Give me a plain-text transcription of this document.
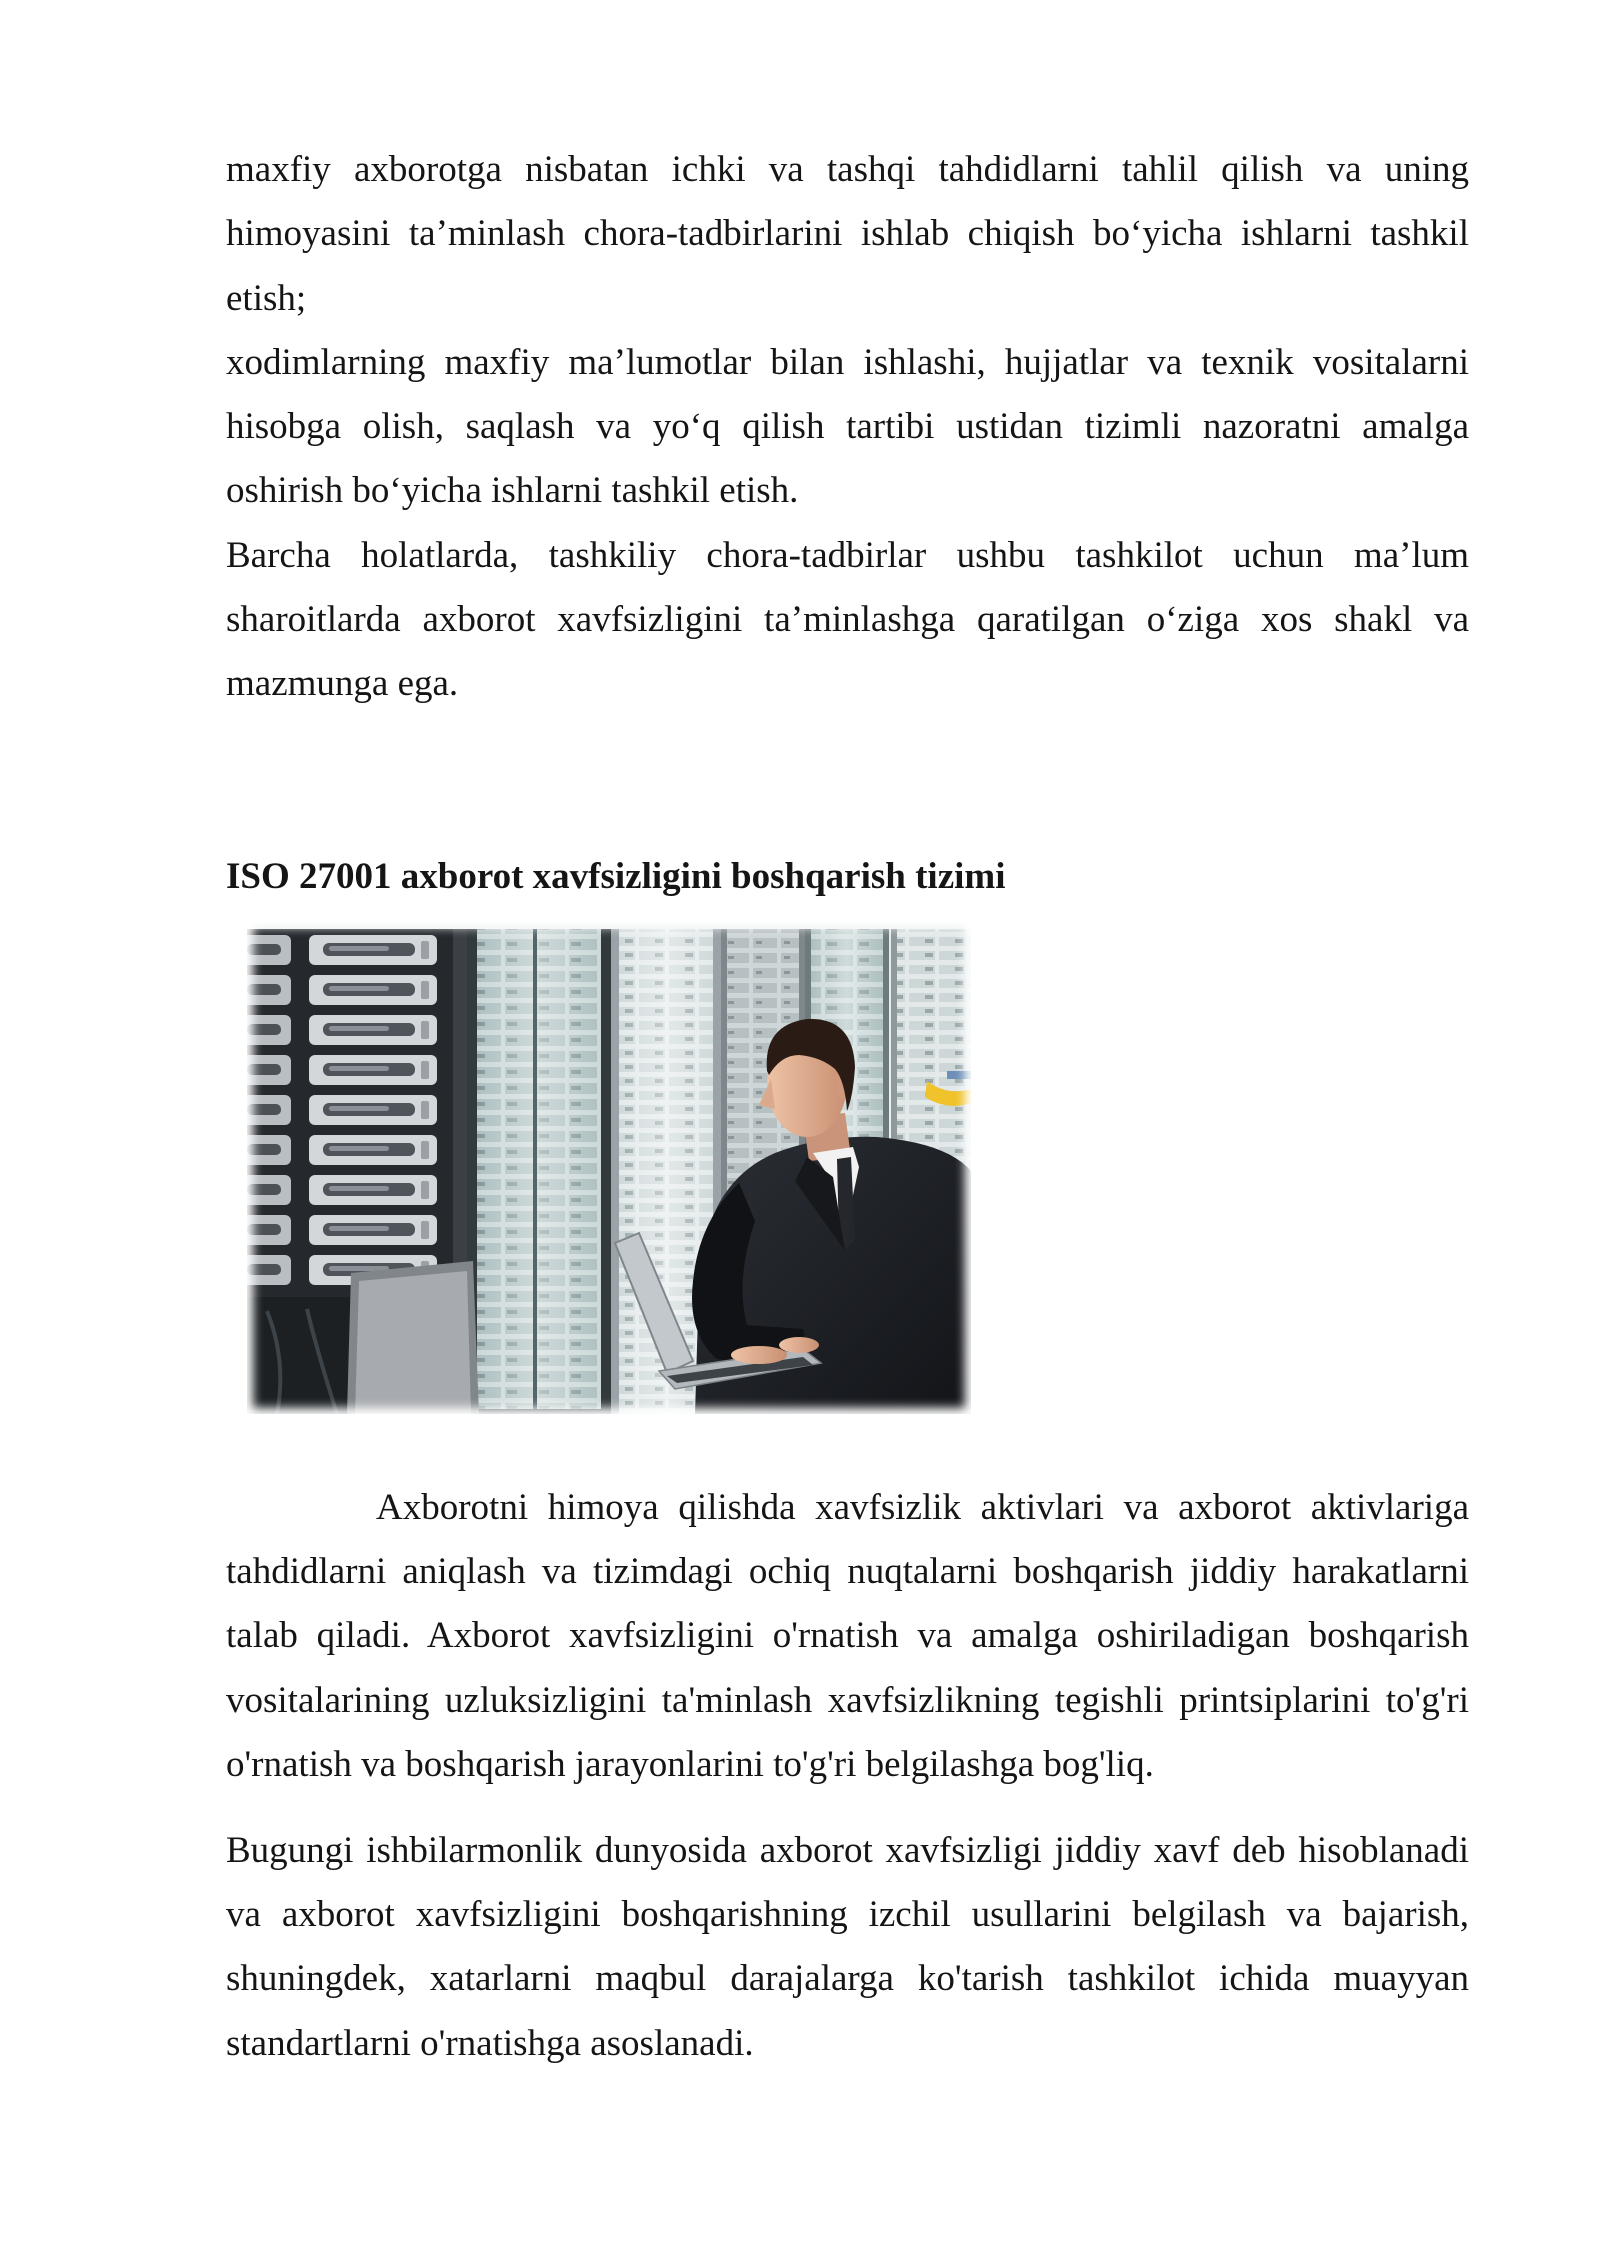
maxfiy axborotga nisbatan ichki va tashqi tahdidlarni tahlil qilish va uning
himoyasini ta’minlash chora-tadbirlarini ishlab chiqish bo‘yicha ishlarni tashkil
etish;
xodimlarning maxfiy ma’lumotlar bilan ishlashi, hujjatlar va texnik vositalarni
hisobga olish, saqlash va yo‘q qilish tartibi ustidan tizimli nazoratni amalga
oshirish bo‘yicha ishlarni tashkil etish.
Barcha holatlarda, tashkiliy chora-tadbirlar ushbu tashkilot uchun ma’lum
sharoitlarda axborot xavfsizligini ta’minlashga qaratilgan o‘ziga xos shakl va
mazmunga ega.
ISO 27001 axborot xavfsizligini boshqarish tizimi
Axborotni himoya qilishda xavfsizlik aktivlari va axborot aktivlariga
tahdidlarni aniqlash va tizimdagi ochiq nuqtalarni boshqarish jiddiy harakatlarni
talab qiladi. Axborot xavfsizligini o'rnatish va amalga oshiriladigan boshqarish
vositalarining uzluksizligini ta'minlash xavfsizlikning tegishli printsiplarini to'g'ri
o'rnatish va boshqarish jarayonlarini to'g'ri belgilashga bog'liq.
Bugungi ishbilarmonlik dunyosida axborot xavfsizligi jiddiy xavf deb hisoblanadi
va axborot xavfsizligini boshqarishning izchil usullarini belgilash va bajarish,
shuningdek, xatarlarni maqbul darajalarga ko'tarish tashkilot ichida muayyan
standartlarni o'rnatishga asoslanadi.
